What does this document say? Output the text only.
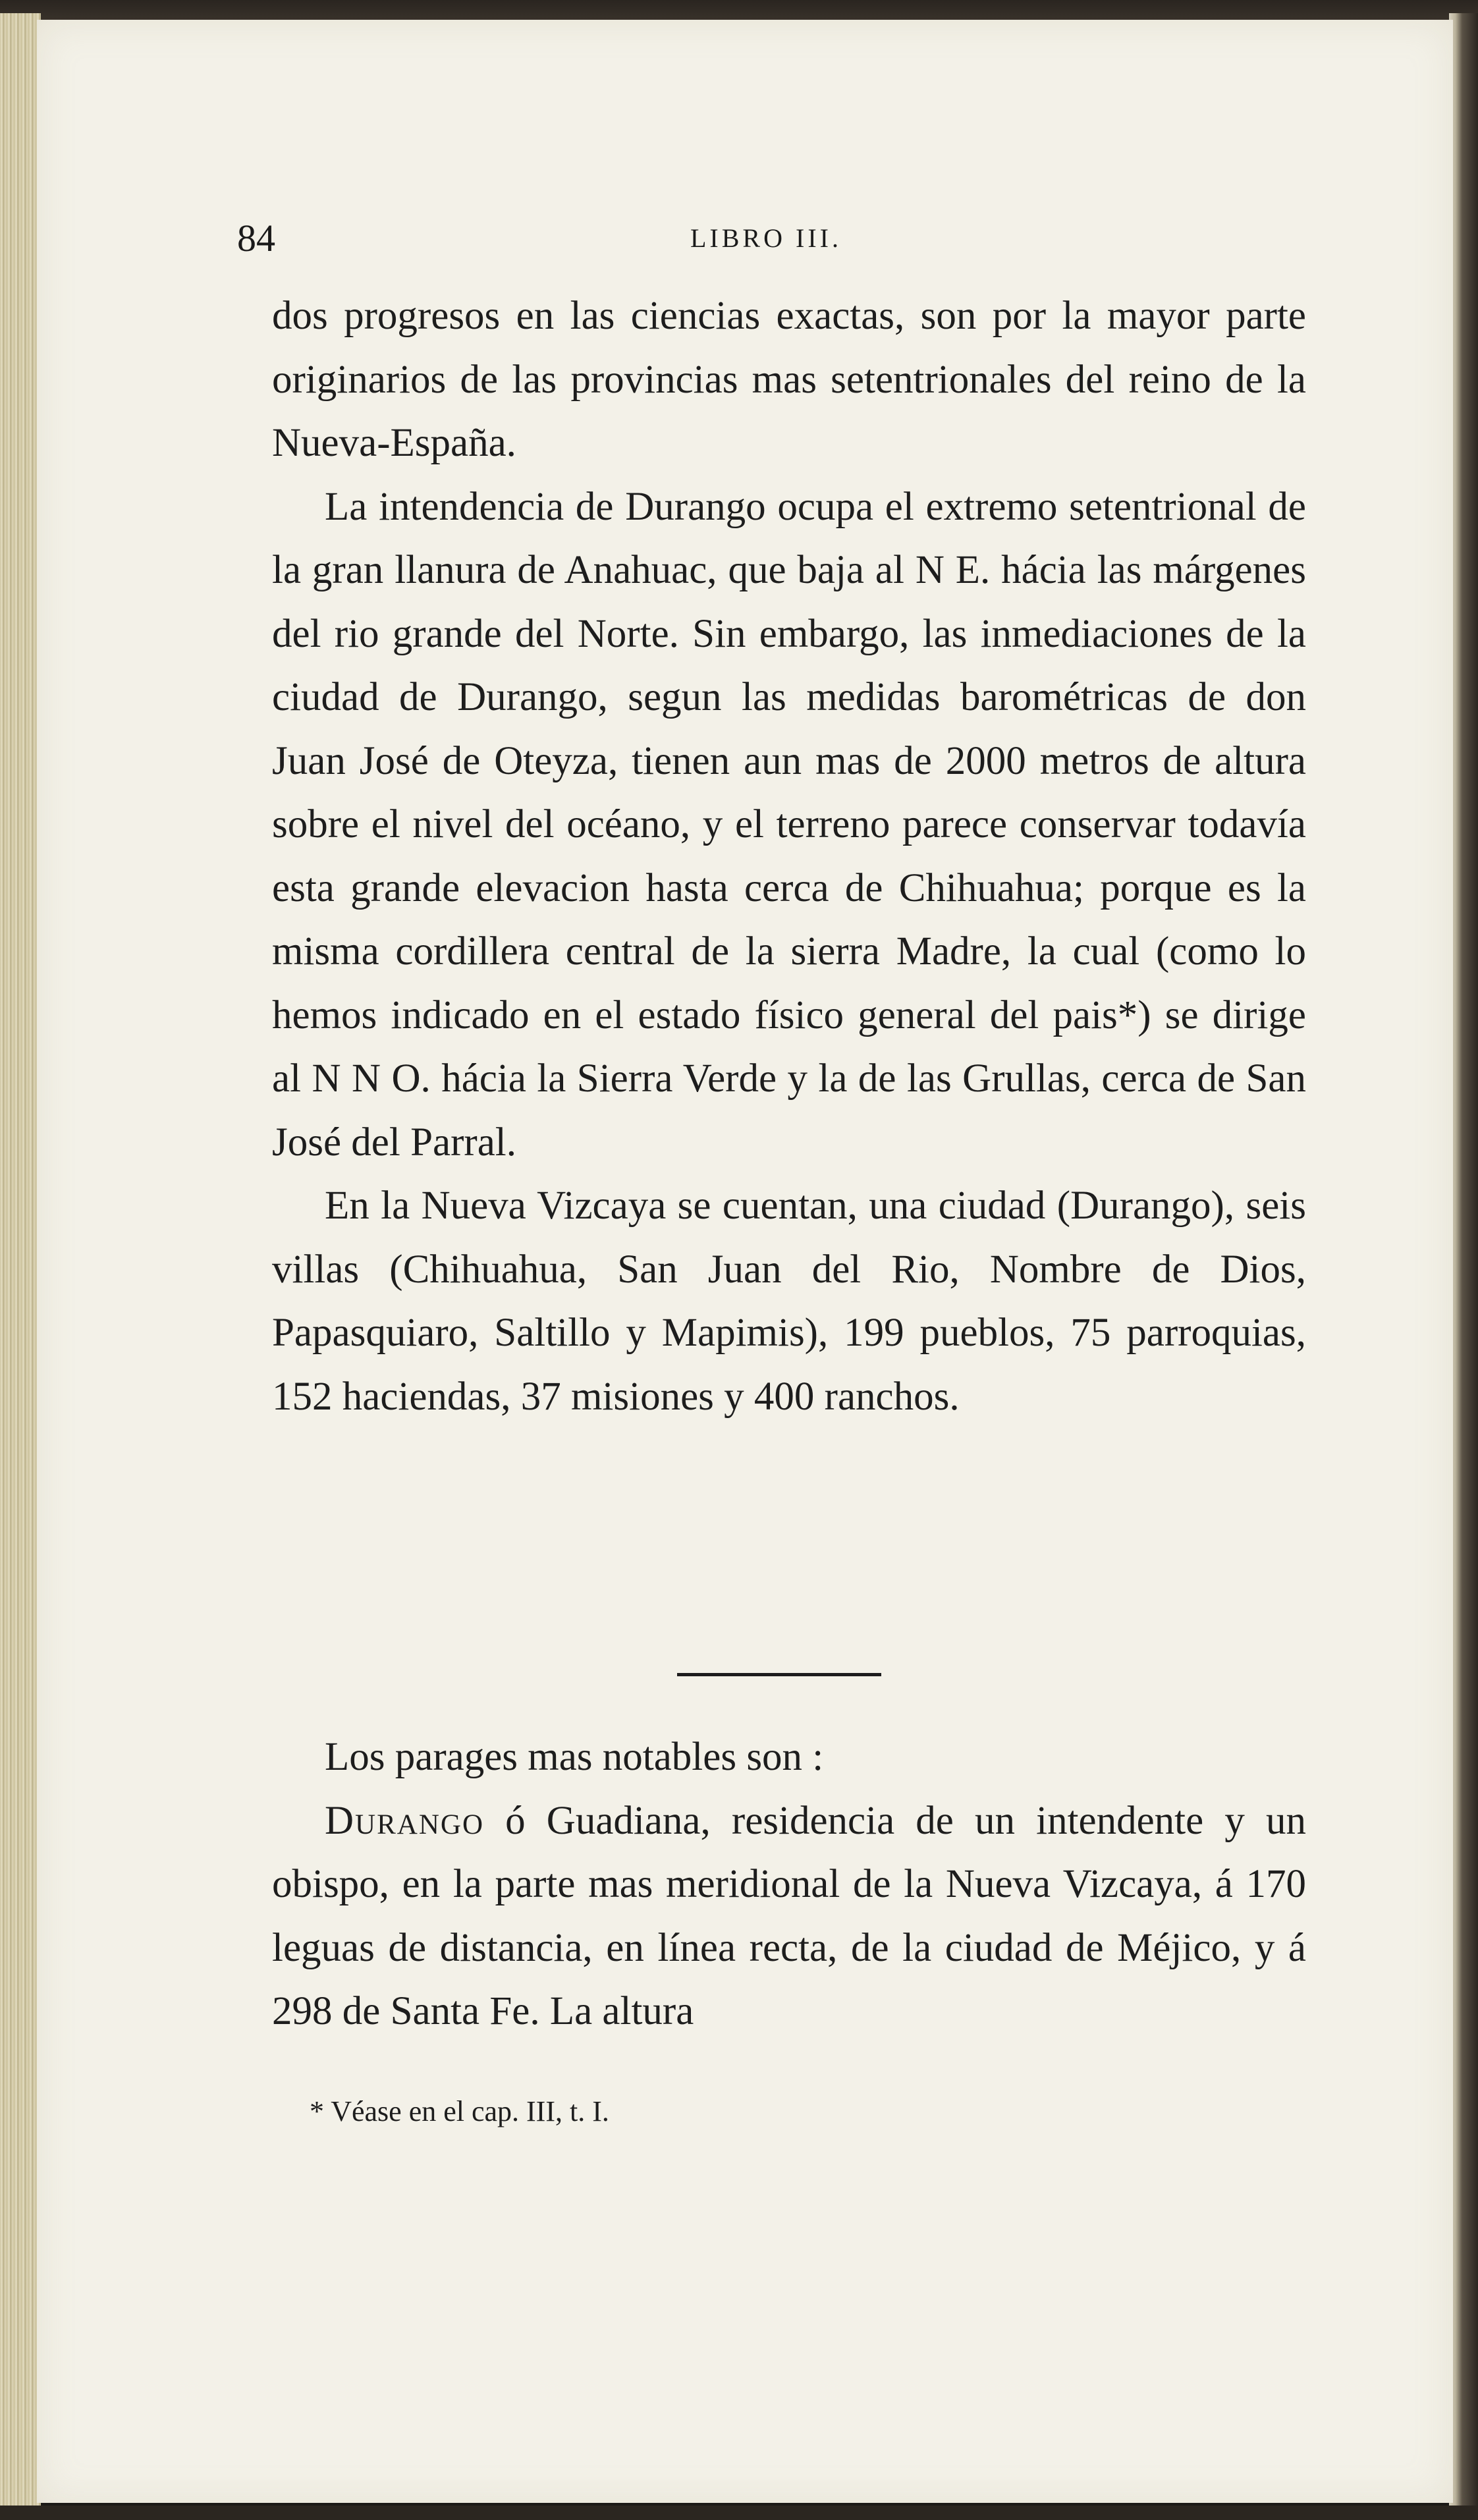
84	LIBRO III.

dos progresos en las ciencias exactas, son por la mayor parte originarios de las provincias mas setentrionales del reino de la Nueva-España.

La intendencia de Durango ocupa el extremo setentrional de la gran llanura de Anahuac, que baja al N E. hácia las márgenes del rio grande del Norte. Sin embargo, las inmediaciones de la ciudad de Durango, segun las medidas barométricas de don Juan José de Oteyza, tienen aun mas de 2000 metros de altura sobre el nivel del océano, y el terreno parece conservar todavía esta grande elevacion hasta cerca de Chihuahua; porque es la misma cordillera central de la sierra Madre, la cual (como lo hemos indicado en el estado físico general del pais*) se dirige al N N O. hácia la Sierra Verde y la de las Grullas, cerca de San José del Parral.

En la Nueva Vizcaya se cuentan, una ciudad (Durango), seis villas (Chihuahua, San Juan del Rio, Nombre de Dios, Papasquiaro, Saltillo y Mapimis), 199 pueblos, 75 parroquias, 152 haciendas, 37 misiones y 400 ranchos.

Los parages mas notables son :

Durango ó Guadiana, residencia de un intendente y un obispo, en la parte mas meridional de la Nueva Vizcaya, á 170 leguas de distancia, en línea recta, de la ciudad de Méjico, y á 298 de Santa Fe. La altura

* Véase en el cap. III, t. I.
